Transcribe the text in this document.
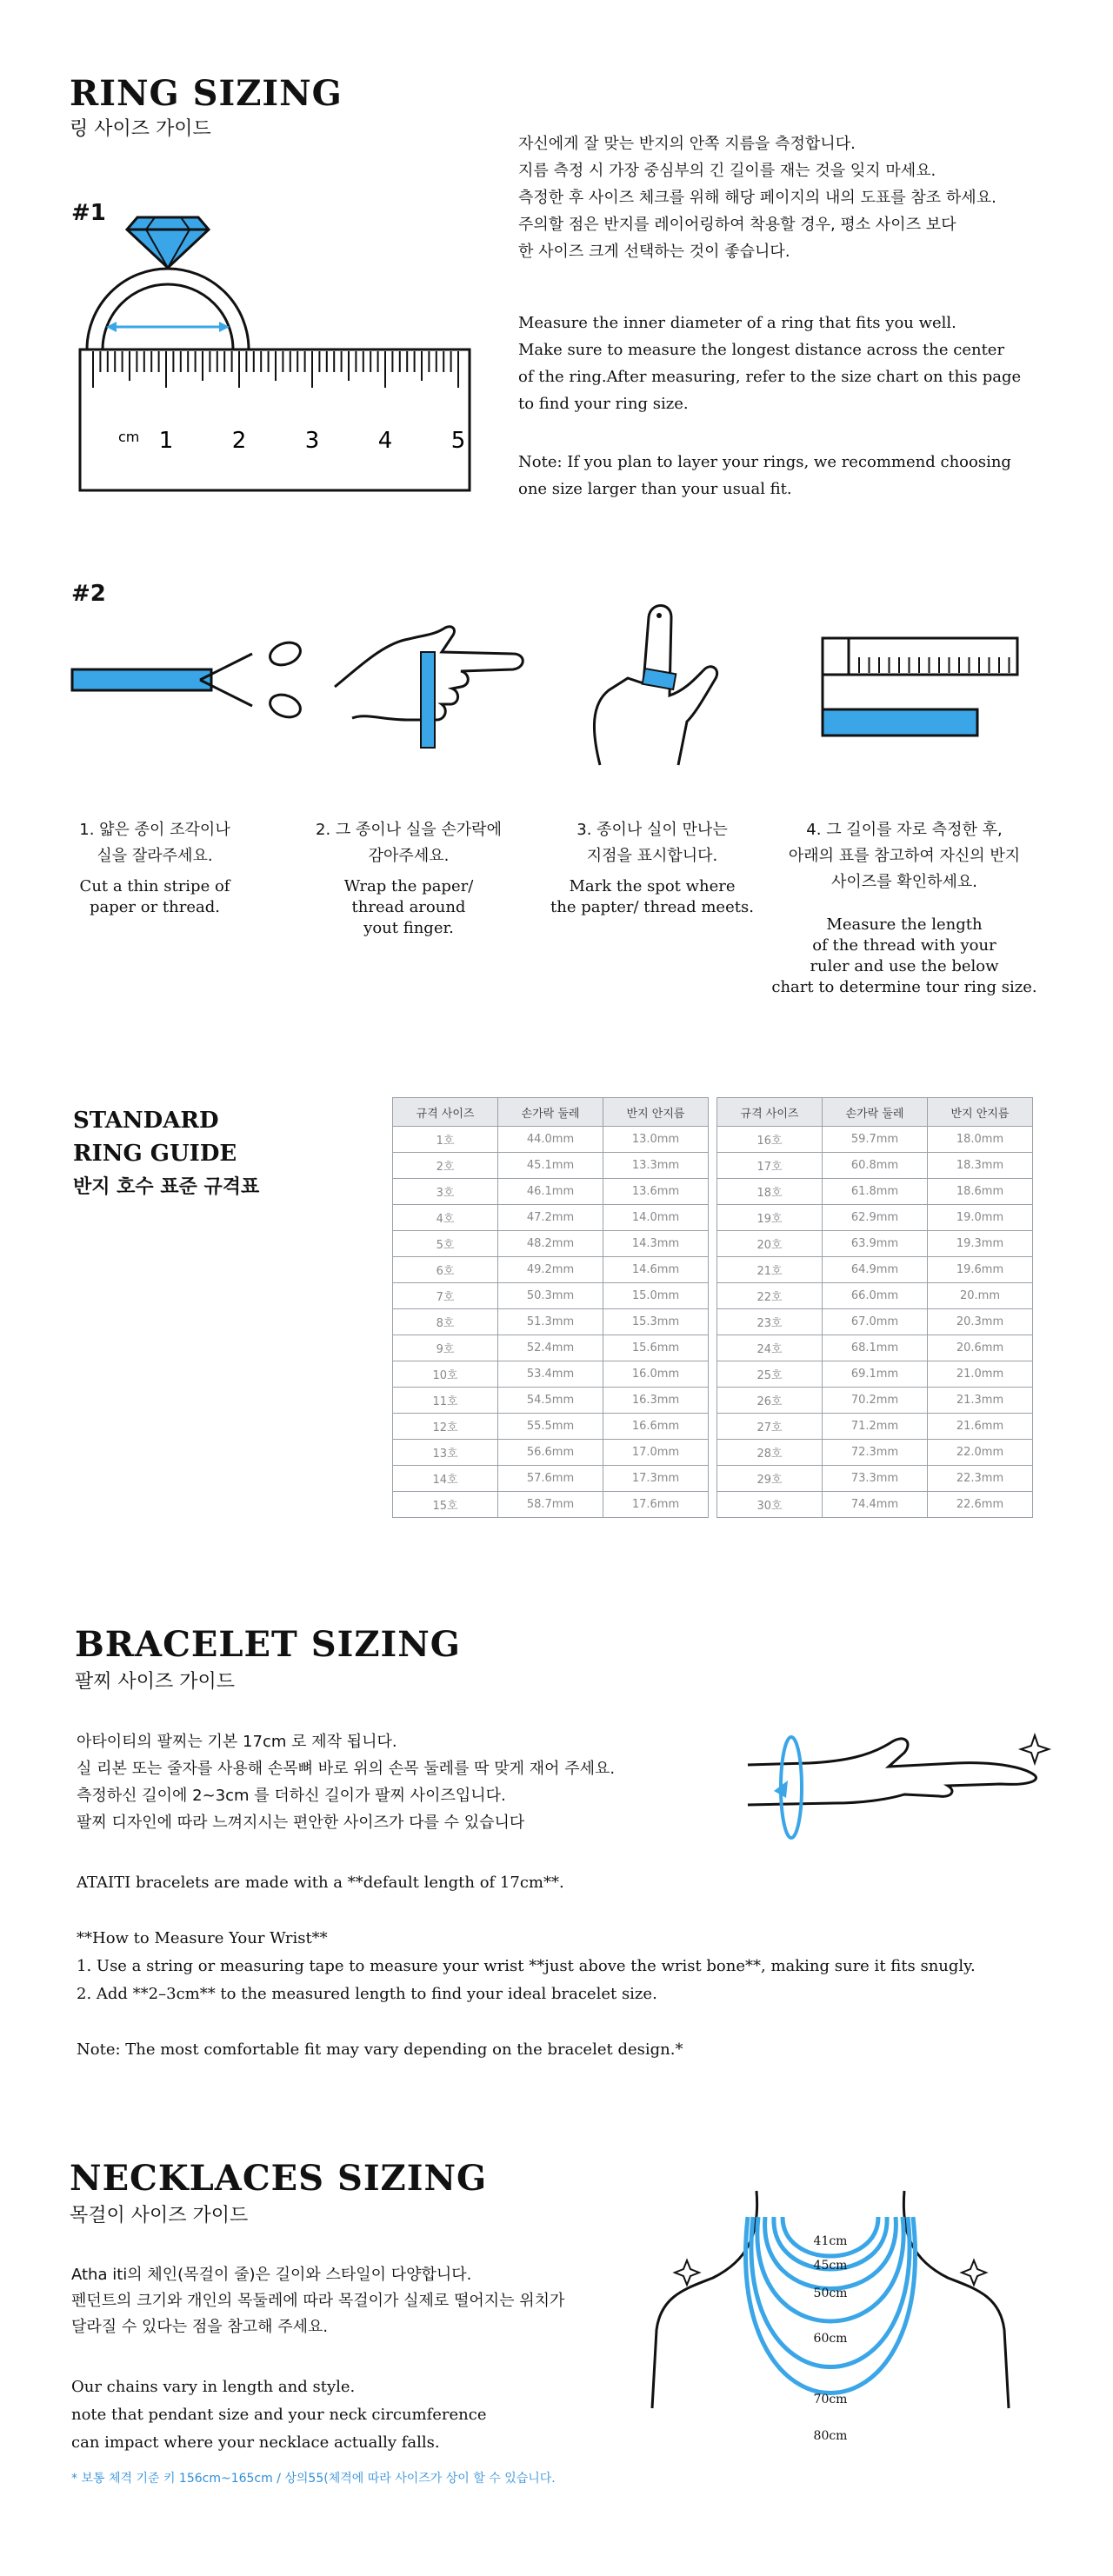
RING SIZING
링 사이즈 가이드
#1
cm 1	2	3	4	5
자신에게 잘 맞는 반지의 안쪽 지름을 측정합니다.
지름 측정 시 가장 중심부의 긴 길이를 재는 것을 잊지 마세요.
측정한 후 사이즈 체크를 위해 해당 페이지의 내의 도표를 참조 하세요.
주의할 점은 반지를 레이어링하여 착용할 경우, 평소 사이즈 보다
한 사이즈 크게 선택하는 것이 좋습니다.
Measure the inner diameter of a ring that fits you well.
Make sure to measure the longest distance across the center
of the ring.After measuring, refer to the size chart on this page
to find your ring size.
Note: If you plan to layer your rings, we recommend choosing
one size larger than your usual fit.
#2
1. 얇은 종이 조각이나
실을 잘라주세요.
Cut a thin stripe of
paper or thread.
2. 그 종이나 실을 손가락에
감아주세요.
Wrap the paper/
thread around
yout finger.
3. 종이나 실이 만나는
지점을 표시합니다.
Mark the spot where
the papter/ thread meets.
4. 그 길이를 자로 측정한 후,
아래의 표를 참고하여 자신의 반지
사이즈를 확인하세요.
Measure the length
of the thread with your
ruler and use the below
chart to determine tour ring size.
STANDARD
RING GUIDE
반지 호수 표준 규격표
규격 사이즈	손가락 둘레	반지 안지름
1호	44.0mm	13.0mm
2호	45.1mm	13.3mm
3호	46.1mm	13.6mm
4호	47.2mm	14.0mm
5호	48.2mm	14.3mm
6호	49.2mm	14.6mm
7호	50.3mm	15.0mm
8호	51.3mm	15.3mm
9호	52.4mm	15.6mm
10호	53.4mm	16.0mm
11호	54.5mm	16.3mm
12호	55.5mm	16.6mm
13호	56.6mm	17.0mm
14호	57.6mm	17.3mm
15호	58.7mm	17.6mm
규격 사이즈	손가락 둘레	반지 안지름
16호	59.7mm	18.0mm
17호	60.8mm	18.3mm
18호	61.8mm	18.6mm
19호	62.9mm	19.0mm
20호	63.9mm	19.3mm
21호	64.9mm	19.6mm
22호	66.0mm	20.mm
23호	67.0mm	20.3mm
24호	68.1mm	20.6mm
25호	69.1mm	21.0mm
26호	70.2mm	21.3mm
27호	71.2mm	21.6mm
28호	72.3mm	22.0mm
29호	73.3mm	22.3mm
30호	74.4mm	22.6mm
BRACELET SIZING
팔찌 사이즈 가이드
아타이티의 팔찌는 기본 17cm 로 제작 됩니다.
실 리본 또는 줄자를 사용해 손목뼈 바로 위의 손목 둘레를 딱 맞게 재어 주세요.
측정하신 길이에 2~3cm 를 더하신 길이가 팔찌 사이즈입니다.
팔찌 디자인에 따라 느껴지시는 편안한 사이즈가 다를 수 있습니다
ATAITI bracelets are made with a **default length of 17cm**.
**How to Measure Your Wrist**
1. Use a string or measuring tape to measure your wrist **just above the wrist bone**, making sure it fits snugly.
2. Add **2–3cm** to the measured length to find your ideal bracelet size.
Note: The most comfortable fit may vary depending on the bracelet design.*
NECKLACES SIZING
목걸이 사이즈 가이드
Atha iti의 체인(목걸이 줄)은 길이와 스타일이 다양합니다.
펜던트의 크기와 개인의 목둘레에 따라 목걸이가 실제로 떨어지는 위치가
달라질 수 있다는 점을 참고해 주세요.
Our chains vary in length and style.
note that pendant size and your neck circumference
can impact where your necklace actually falls.
* 보통 체격 기준 키 156cm~165cm / 상의55(체격에 따라 사이즈가 상이 할 수 있습니다.
41cm
45cm
50cm
60cm
70cm
80cm
